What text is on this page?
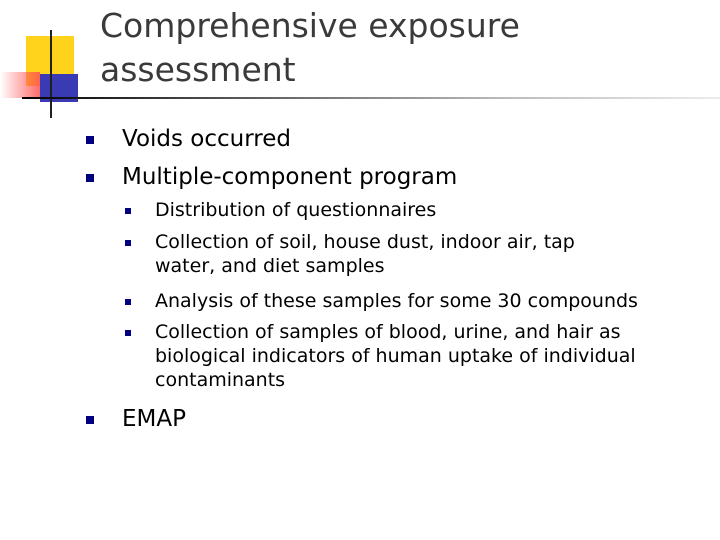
Comprehensive exposure
assessment
Voids occurred
Multiple-component program
Distribution of questionnaires
Collection of soil, house dust, indoor air, tap
water, and diet samples
Analysis of these samples for some 30 compounds
Collection of samples of blood, urine, and hair as
biological indicators of human uptake of individual
contaminants
EMAP
